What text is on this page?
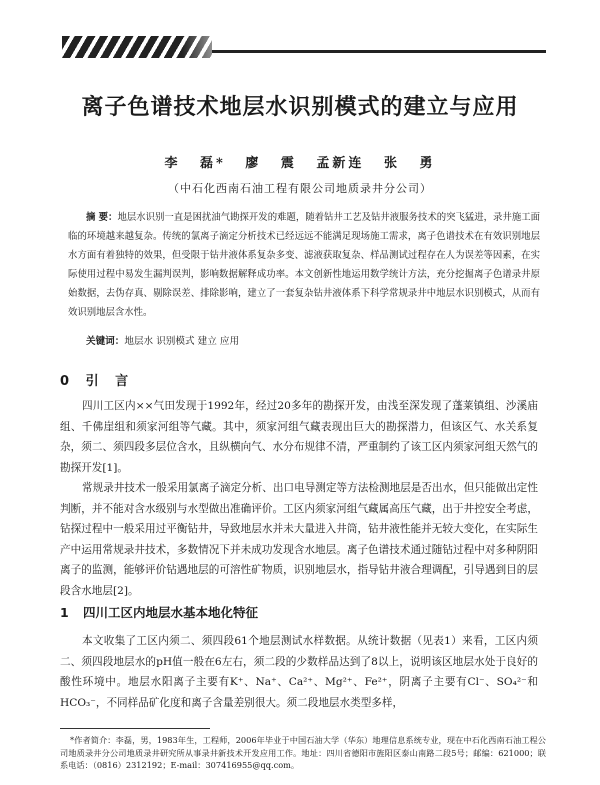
离子色谱技术地层水识别模式的建立与应用
李 磊* 廖 震 孟新连 张 勇
（中石化西南石油工程有限公司地质录井分公司）
摘 要：地层水识别一直是困扰油气勘探开发的难题，随着钻井工艺及钻井液服务技术的突飞猛进，录井施工面临的环境越来越复杂。传统的氯离子滴定分析技术已经远远不能满足现场施工需求，离子色谱技术在有效识别地层水方面有着独特的效果，但受限于钻井液体系复杂多变、滤液获取复杂、样品测试过程存在人为误差等因素，在实际使用过程中易发生漏判误判，影响数据解释成功率。本文创新性地运用数学统计方法，充分挖掘离子色谱录井原始数据，去伪存真、剔除误差、排除影响，建立了一套复杂钻井液体系下科学常规录井中地层水识别模式，从而有效识别地层含水性。
关键词：地层水 识别模式 建立 应用
0 引 言

四川工区内××气田发现于1992年，经过20多年的勘探开发，由浅至深发现了蓬莱镇组、沙溪庙组、千佛崖组和须家河组等气藏。其中，须家河组气藏表现出巨大的勘探潜力，但该区气、水关系复杂，须二、须四段多层位含水，且纵横向气、水分布规律不清，严重制约了该工区内须家河组天然气的勘探开发[1]。

常规录井技术一般采用氯离子滴定分析、出口电导测定等方法检测地层是否出水，但只能做出定性判断，并不能对含水级别与水型做出准确评价。工区内须家河组气藏属高压气藏，出于井控安全考虑，钻探过程中一般采用过平衡钻井，导致地层水并未大量进入井筒，钻井液性能并无较大变化，在实际生产中运用常规录井技术，多数情况下并未成功发现含水地层。离子色谱技术通过随钻过程中对多种阴阳离子的监测，能够评价钻遇地层的可溶性矿物质，识别地层水，指导钻井液合理调配，引导遇到目的层段含水地层[2]。

1 四川工区内地层水基本地化特征

本文收集了工区内须二、须四段61个地层测试水样数据。从统计数据（见表1）来看，工区内须二、须四段地层水的pH值一般在6左右，须二段的少数样品达到了8以上，说明该区地层水处于良好的酸性环境中。地层水阳离子主要有K⁺、Na⁺、Ca²⁺、Mg²⁺、Fe²⁺，阴离子主要有Cl⁻、SO₄²⁻和HCO₃⁻，不同样品矿化度和离子含量差别很大。须二段地层水类型多样，

*作者简介：李磊，男，1983年生，工程师，2006年毕业于中国石油大学（华东）地理信息系统专业，现在中石化西南石油工程公司地质录井分公司地质录井研究所从事录井新技术开发应用工作。地址：四川省德阳市旌阳区泰山南路二段5号；邮编：621000；联系电话：（0816）2312192；E-mail：307416955@qq.com。
